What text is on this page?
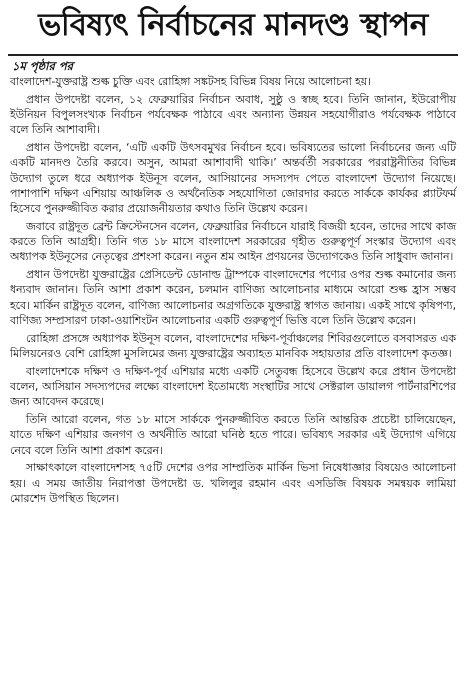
ভবিষ্যৎ নির্বাচনের মানদণ্ড স্থাপন
১ম পৃষ্ঠার পর

বাংলাদেশ-যুক্তরাষ্ট্র শুল্ক চুক্তি এবং রোহিঙ্গা সঙ্কটসহ বিভিন্ন বিষয় নিয়ে আলোচনা হয়।

প্রধান উপদেষ্টা বলেন, ১২ ফেব্রুয়ারির নির্বাচন অবাধ, সুষ্ঠু ও স্বচ্ছ হবে। তিনি জানান, ইউরোপীয় ইউনিয়ন বিপুলসংখ্যক নির্বাচন পর্যবেক্ষক পাঠাবে এবং অন্যান্য উন্নয়ন সহযোগীরাও পর্যবেক্ষক পাঠাবে বলে তিনি আশাবাদী।

প্রধান উপদেষ্টা বলেন, ‘এটি একটি উৎসবমুখর নির্বাচন হবে। ভবিষ্যতের ভালো নির্বাচনের জন্য এটি একটি মানদণ্ড তৈরি করবে। অসুন, আমরা আশাবাদী থাকি।’ অন্তর্বর্তী সরকারের পররাষ্ট্রনীতির বিভিন্ন উদ্যোগ তুলে ধরে অধ্যাপক ইউনূস বলেন, আসিয়ানের সদস্যপদ পেতে বাংলাদেশ উদ্যোগ নিয়েছে। পাশাপাশি দক্ষিণ এশিয়ায় আঞ্চলিক ও অর্থনৈতিক সহযোগিতা জোরদার করতে সার্ককে কার্যকর প্ল্যাটফর্ম হিসেবে পুনরুজ্জীবিত করার প্রয়োজনীয়তার কথাও তিনি উল্লেখ করেন।

জবাবে রাষ্ট্রদূত ব্রেন্ট ক্রিস্টেনসেন বলেন, ফেব্রুয়ারির নির্বাচনে যারাই বিজয়ী হবেন, তাদের সাথে কাজ করতে তিনি আগ্রহী। তিনি গত ১৮ মাসে বাংলাদেশ সরকারের গৃহীত গুরুত্বপূর্ণ সংস্কার উদ্যোগ এবং অধ্যাপক ইউনূসের নেতৃত্বের প্রশংসা করেন। নতুন শ্রম আইন প্রণয়নের উদ্যোগকেও তিনি সাধুবাদ জানান।

প্রধান উপদেষ্টা যুক্তরাষ্ট্রের প্রেসিডেন্ট ডোনাল্ড ট্রাম্পকে বাংলাদেশের পণ্যের ওপর শুল্ক কমানোর জন্য ধন্যবাদ জানান। তিনি আশা প্রকাশ করেন, চলমান বাণিজ্য আলোচনার মাধ্যমে আরো শুল্ক হ্রাস সম্ভব হবে। মার্কিন রাষ্ট্রদূত বলেন, বাণিজ্য আলোচনার অগ্রগতিকে যুক্তরাষ্ট্র স্বাগত জানায়। একই সাথে কৃষিপণ্য, বাণিজ্য সম্প্রসারণ ঢাকা-ওয়াশিংটন আলোচনার একটি গুরুত্বপূর্ণ ভিত্তি বলে তিনি উল্লেখ করেন।

রোহিঙ্গা প্রসঙ্গে অধ্যাপক ইউনূস বলেন, বাংলাদেশের দক্ষিণ-পূর্বাঞ্চলের শিবিরগুলোতে বসবাসরত এক মিলিয়নেরও বেশি রোহিঙ্গা মুসলিমের জন্য যুক্তরাষ্ট্রের অব্যাহত মানবিক সহায়তার প্রতি বাংলাদেশ কৃতজ্ঞ।

বাংলাদেশকে দক্ষিণ ও দক্ষিণ-পূর্ব এশিয়ার মধ্যে একটি সেতুবন্ধ হিসেবে উল্লেখ করে প্রধান উপদেষ্টা বলেন, আসিয়ান সদস্যপদের লক্ষ্যে বাংলাদেশ ইতোমধ্যে সংস্থাটির সাথে সেক্টরাল ডায়ালগ পার্টনারশিপের জন্য আবেদন করেছে।

তিনি আরো বলেন, গত ১৮ মাসে সার্ককে পুনরুজ্জীবিত করতে তিনি আন্তরিক প্রচেষ্টা চালিয়েছেন, যাতে দক্ষিণ এশিয়ার জনগণ ও অর্থনীতি আরো ঘনিষ্ঠ হতে পারে। ভবিষ্যৎ সরকার এই উদ্যোগ এগিয়ে নেবে বলে তিনি আশা প্রকাশ করেন।

সাক্ষাৎকালে বাংলাদেশসহ ৭৫টি দেশের ওপর সাম্প্রতিক মার্কিন ভিসা নিষেধাজ্ঞার বিষয়েও আলোচনা হয়। এ সময় জাতীয় নিরাপত্তা উপদেষ্টা ড. খলিলুর রহমান এবং এসডিজি বিষয়ক সমন্বয়ক লামিয়া মোরশেদ উপস্থিত ছিলেন।
